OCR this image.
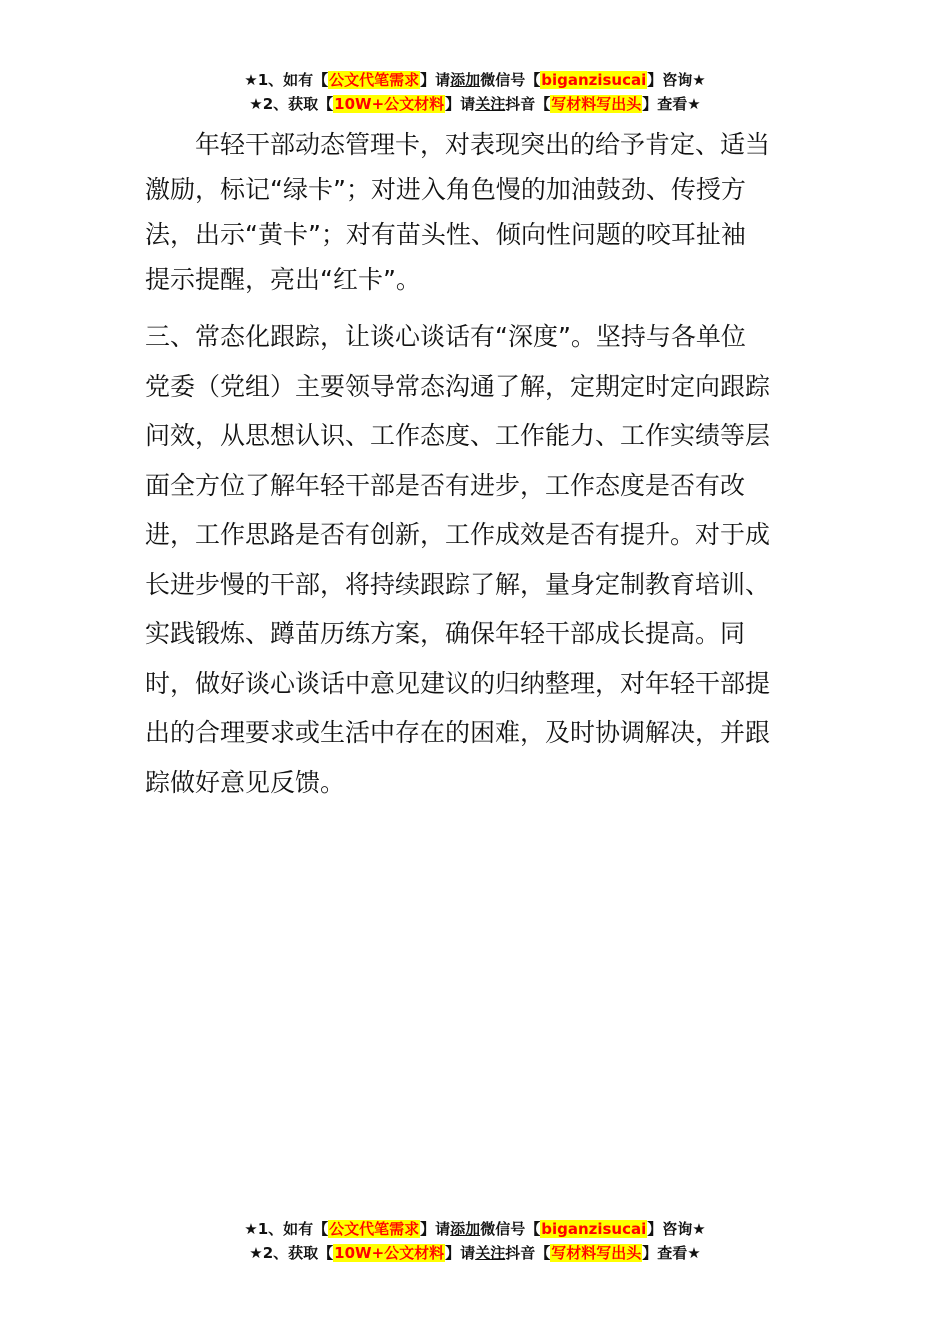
★1、如有【公文代笔需求】请添加微信号【biganzisucai】咨询★
★2、获取【10W+公文材料】请关注抖音【写材料写出头】查看★
年轻干部动态管理卡，对表现突出的给予肯定、适当
激励，标记“绿卡”；对进入角色慢的加油鼓劲、传授方
法，出示“黄卡”；对有苗头性、倾向性问题的咬耳扯袖
提示提醒，亮出“红卡”。
三、常态化跟踪，让谈心谈话有“深度”。坚持与各单位
党委（党组）主要领导常态沟通了解，定期定时定向跟踪
问效，从思想认识、工作态度、工作能力、工作实绩等层
面全方位了解年轻干部是否有进步，工作态度是否有改
进，工作思路是否有创新，工作成效是否有提升。对于成
长进步慢的干部，将持续跟踪了解，量身定制教育培训、
实践锻炼、蹲苗历练方案，确保年轻干部成长提高。同
时，做好谈心谈话中意见建议的归纳整理，对年轻干部提
出的合理要求或生活中存在的困难，及时协调解决，并跟
踪做好意见反馈。
★1、如有【公文代笔需求】请添加微信号【biganzisucai】咨询★
★2、获取【10W+公文材料】请关注抖音【写材料写出头】查看★
